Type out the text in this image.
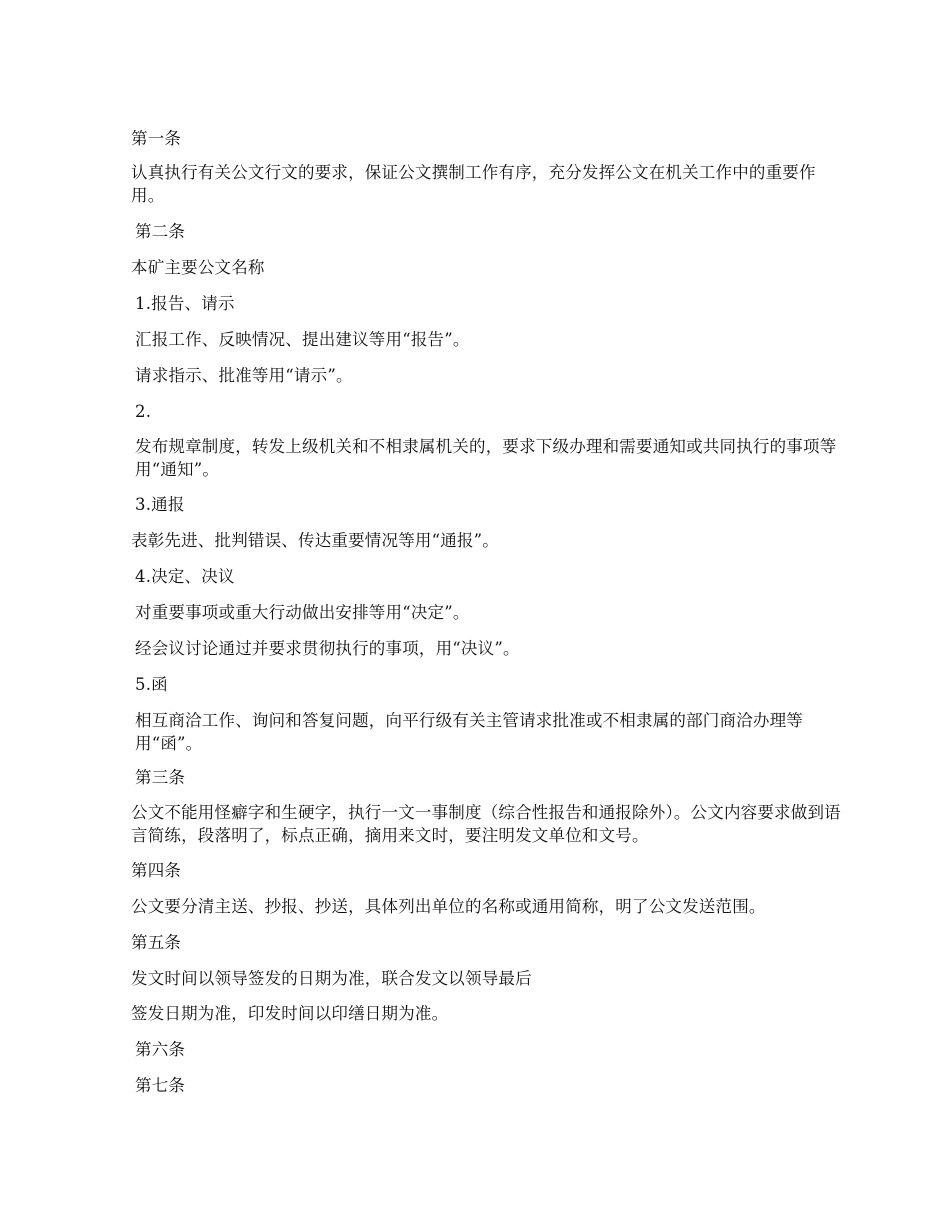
第一条

认真执行有关公文行文的要求，保证公文撰制工作有序，充分发挥公文在机关工作中的重要作用。

第二条

本矿主要公文名称

1.报告、请示

汇报工作、反映情况、提出建议等用“报告”。

请求指示、批准等用“请示”。

2.

发布规章制度，转发上级机关和不相隶属机关的，要求下级办理和需要通知或共同执行的事项等用“通知”。

3.通报

表彰先进、批判错误、传达重要情况等用“通报”。

4.决定、决议

对重要事项或重大行动做出安排等用“决定”。

经会议讨论通过并要求贯彻执行的事项，用“决议”。

5.函

相互商洽工作、询问和答复问题，向平行级有关主管请求批准或不相隶属的部门商洽办理等用“函”。

第三条

公文不能用怪癖字和生硬字，执行一文一事制度（综合性报告和通报除外）。公文内容要求做到语言简练，段落明了，标点正确，摘用来文时，要注明发文单位和文号。

第四条

公文要分清主送、抄报、抄送，具体列出单位的名称或通用简称，明了公文发送范围。

第五条

发文时间以领导签发的日期为准，联合发文以领导最后

签发日期为准，印发时间以印缮日期为准。

第六条

第七条
